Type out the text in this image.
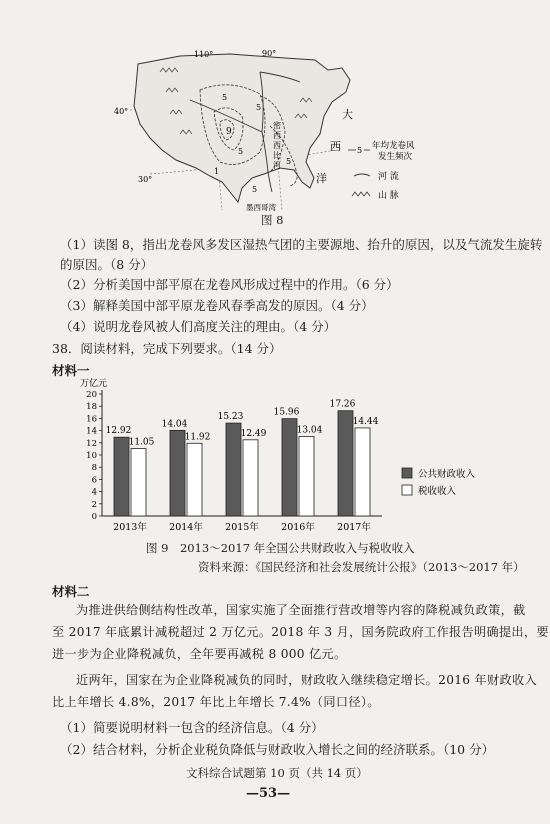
110°	90°
40°
30°
大
西
洋
墨西哥湾
密
西
西
比
河
5
5
9
5
5
1
5
5 年均龙卷风
发生频次
河 流
山 脉
图 8
（1）读图 8，指出龙卷风多发区湿热气团的主要源地、抬升的原因，以及气流发生旋转
的原因。（8 分）
（2）分析美国中部平原在龙卷风形成过程中的作用。（6 分）
（3）解释美国中部平原龙卷风春季高发的原因。（4 分）
（4）说明龙卷风被人们高度关注的理由。（4 分）
38．阅读材料，完成下列要求。（14 分）
材料一
万亿元
0
2
4
6
8
10
12
14
16
18
20
12.92
11.05
2013年
14.04
11.92
2014年
15.23
12.49
2015年
15.96
13.04
2016年
17.26
14.44
2017年
公共财政收入
税收收入
图 9　2013～2017 年全国公共财政收入与税收收入
资料来源：《国民经济和社会发展统计公报》（2013～2017 年）
材料二
为推进供给侧结构性改革，国家实施了全面推行营改增等内容的降税减负政策，截
至 2017 年底累计减税超过 2 万亿元。2018 年 3 月，国务院政府工作报告明确提出，要
进一步为企业降税减负，全年要再减税 8 000 亿元。
近两年，国家在为企业降税减负的同时，财政收入继续稳定增长。2016 年财政收入
比上年增长 4.8%，2017 年比上年增长 7.4%（同口径）。
（1）简要说明材料一包含的经济信息。（4 分）
（2）结合材料，分析企业税负降低与财政收入增长之间的经济联系。（10 分）
文科综合试题第 10 页（共 14 页）
—53—
